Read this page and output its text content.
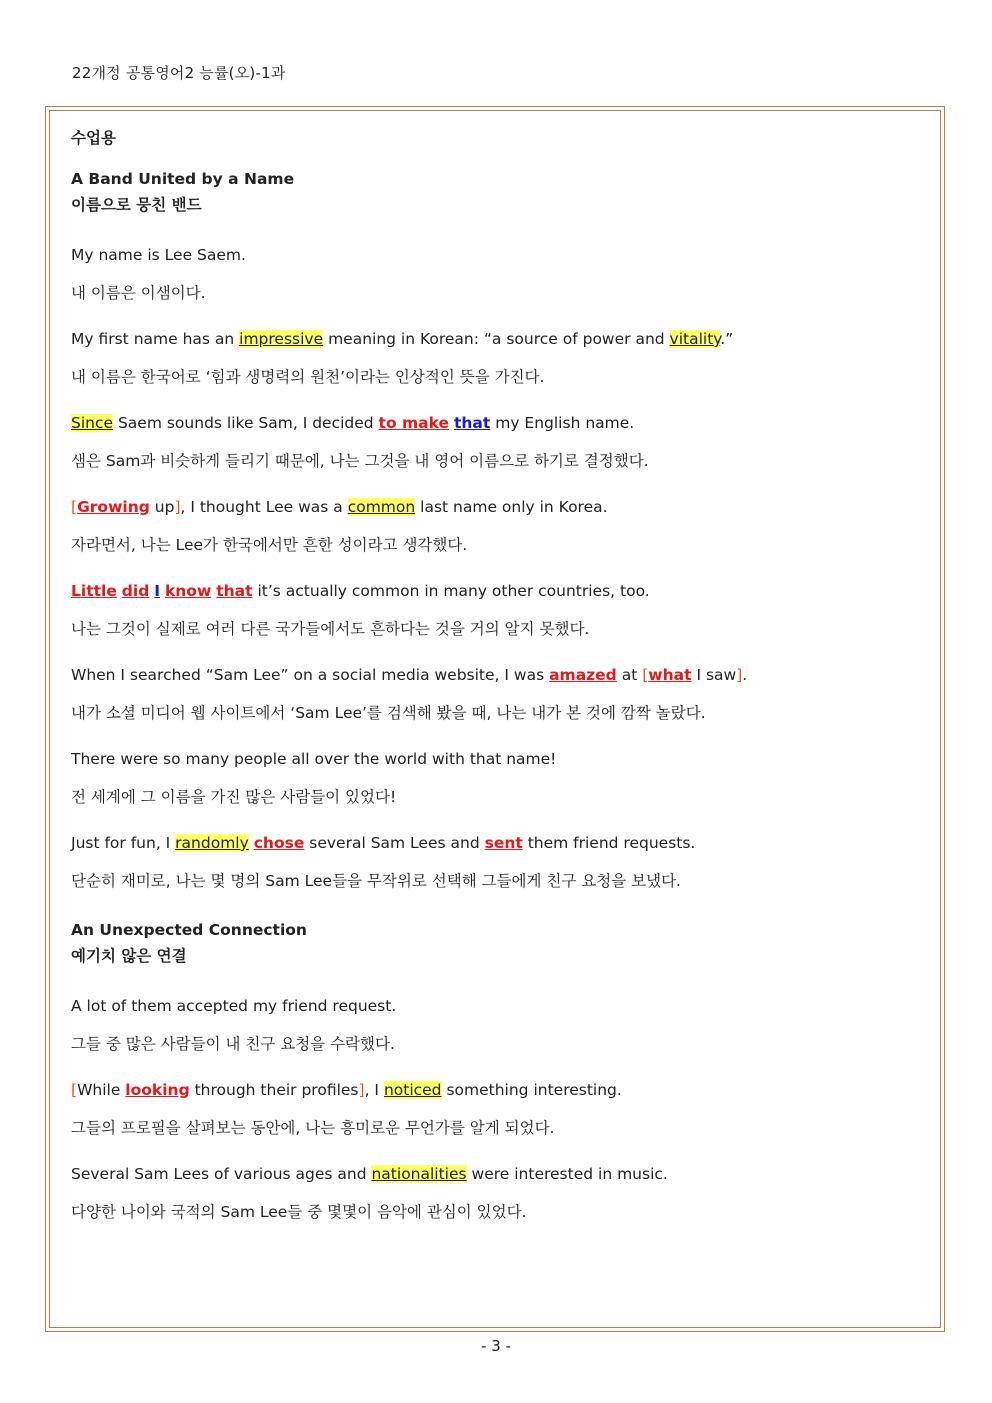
22개정 공통영어2 능률(오)-1과
수업용
A Band United by a Name
이름으로 뭉친 밴드
My name is Lee Saem.
내 이름은 이샘이다.
My first name has an impressive meaning in Korean: “a source of power and vitality.”
내 이름은 한국어로 ‘힘과 생명력의 원천’이라는 인상적인 뜻을 가진다.
Since Saem sounds like Sam, I decided to make that my English name.
샘은 Sam과 비슷하게 들리기 때문에, 나는 그것을 내 영어 이름으로 하기로 결정했다.
[Growing up], I thought Lee was a common last name only in Korea.
자라면서, 나는 Lee가 한국에서만 흔한 성이라고 생각했다.
Little did I know that it’s actually common in many other countries, too.
나는 그것이 실제로 여러 다른 국가들에서도 흔하다는 것을 거의 알지 못했다.
When I searched “Sam Lee” on a social media website, I was amazed at [what I saw].
내가 소셜 미디어 웹 사이트에서 ‘Sam Lee’를 검색해 봤을 때, 나는 내가 본 것에 깜짝 놀랐다.
There were so many people all over the world with that name!
전 세계에 그 이름을 가진 많은 사람들이 있었다!
Just for fun, I randomly chose several Sam Lees and sent them friend requests.
단순히 재미로, 나는 몇 명의 Sam Lee들을 무작위로 선택해 그들에게 친구 요청을 보냈다.
An Unexpected Connection
예기치 않은 연결
A lot of them accepted my friend request.
그들 중 많은 사람들이 내 친구 요청을 수락했다.
[While looking through their profiles], I noticed something interesting.
그들의 프로필을 살펴보는 동안에, 나는 흥미로운 무언가를 알게 되었다.
Several Sam Lees of various ages and nationalities were interested in music.
다양한 나이와 국적의 Sam Lee들 중 몇몇이 음악에 관심이 있었다.
- 3 -
